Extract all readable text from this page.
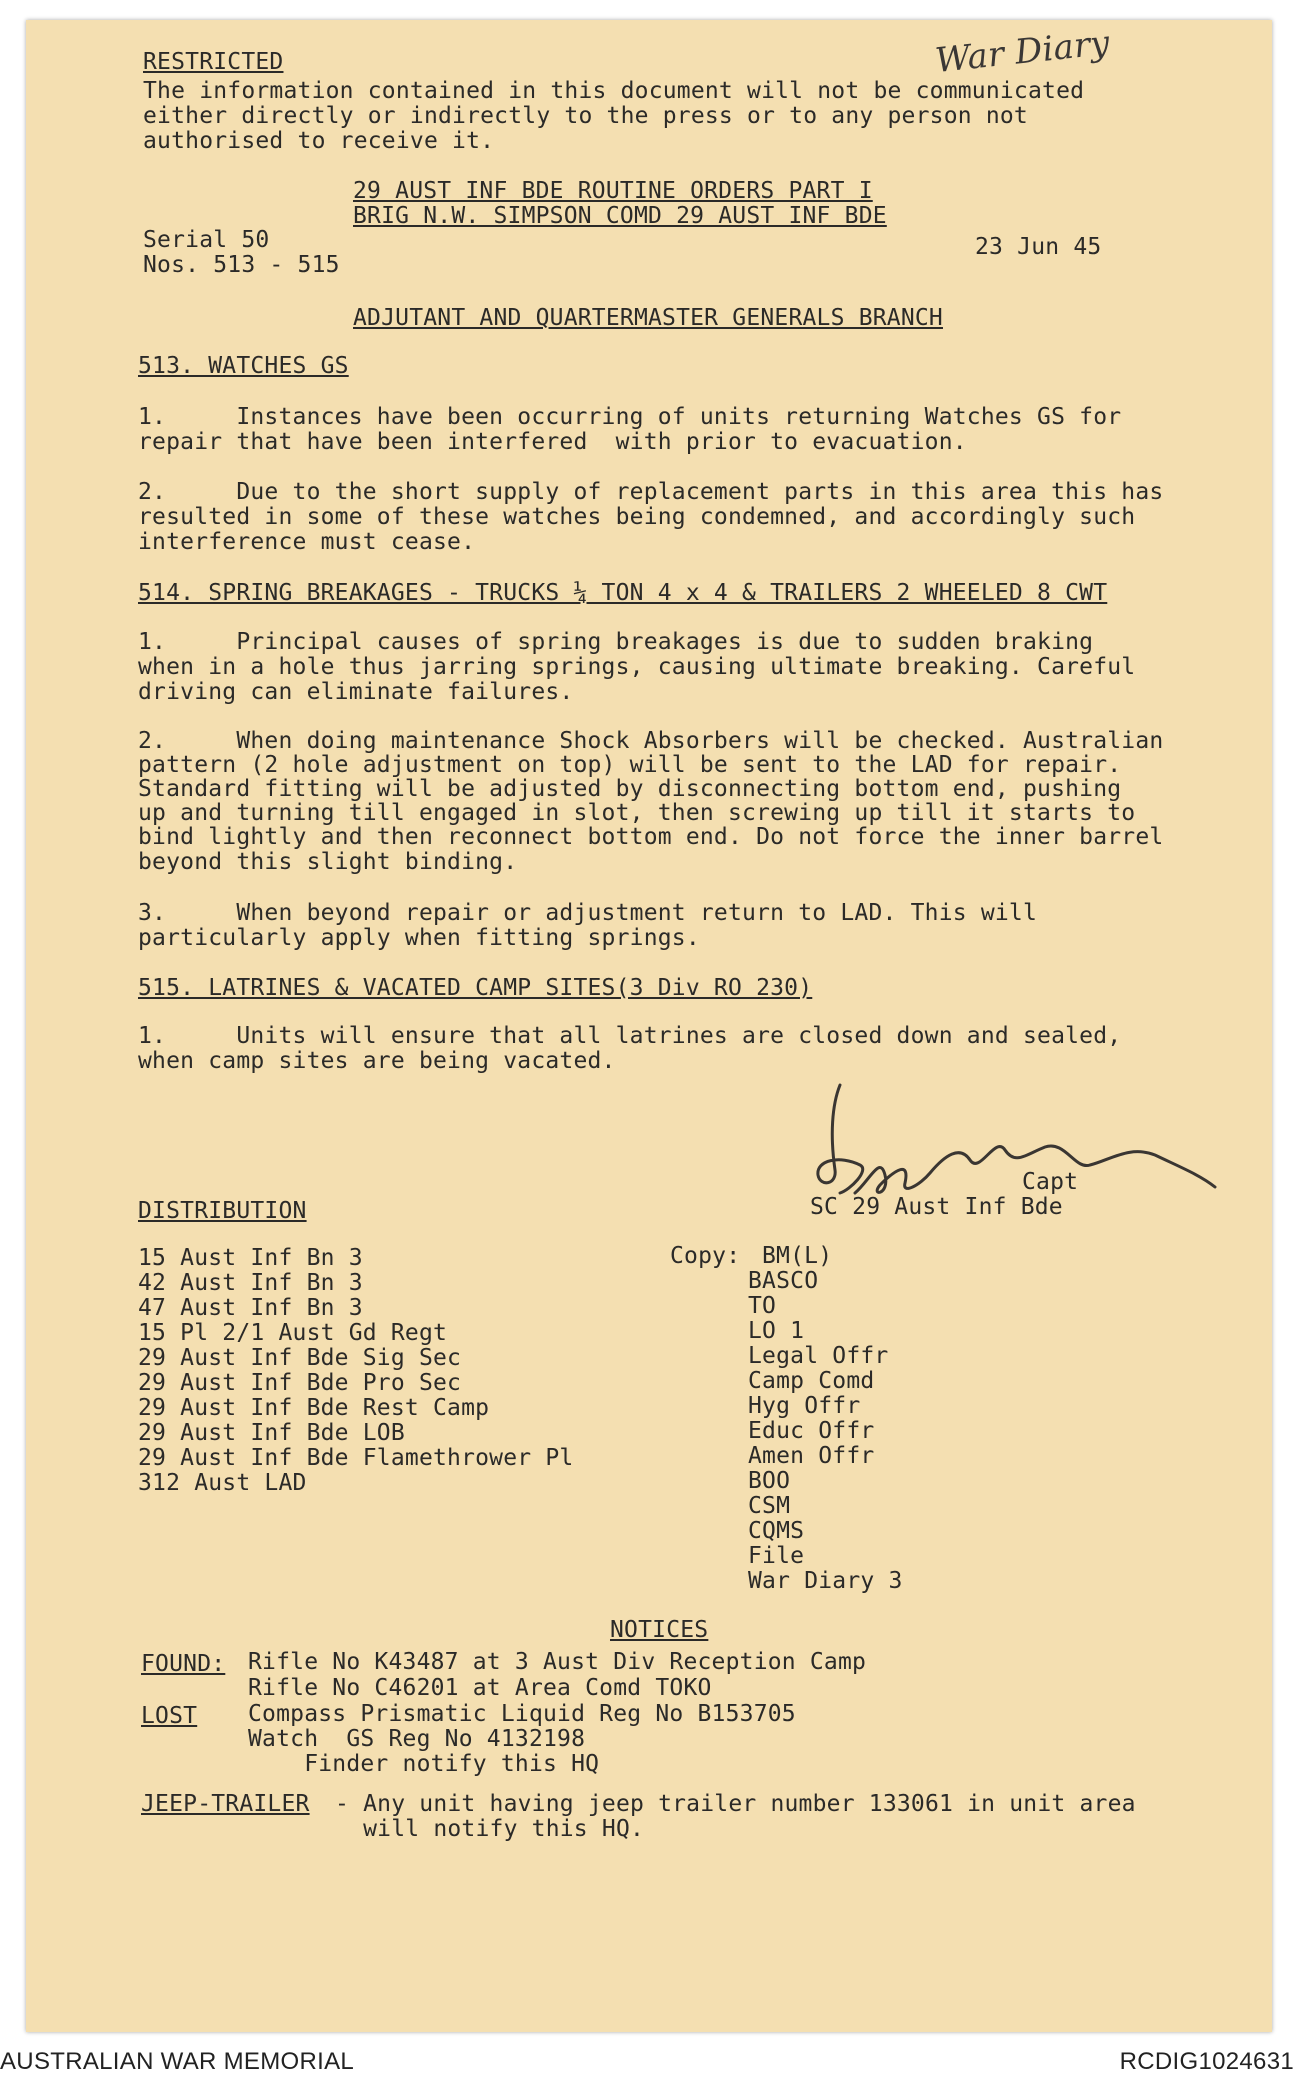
RESTRICTED
The information contained in this document will not be communicated
either directly or indirectly to the press or to any person not
authorised to receive it.
War Diary
29 AUST INF BDE ROUTINE ORDERS PART I
BRIG N.W. SIMPSON COMD 29 AUST INF BDE
Serial 50
Nos. 513 - 515
23 Jun 45
ADJUTANT AND QUARTERMASTER GENERALS BRANCH
513. WATCHES GS
1.     Instances have been occurring of units returning Watches GS for
repair that have been interfered  with prior to evacuation.
2.     Due to the short supply of replacement parts in this area this has
resulted in some of these watches being condemned, and accordingly such
interference must cease.
514. SPRING BREAKAGES - TRUCKS ¼ TON 4 x 4 & TRAILERS 2 WHEELED 8 CWT
1.     Principal causes of spring breakages is due to sudden braking
when in a hole thus jarring springs, causing ultimate breaking. Careful
driving can eliminate failures.
2.     When doing maintenance Shock Absorbers will be checked. Australian
pattern (2 hole adjustment on top) will be sent to the LAD for repair.
Standard fitting will be adjusted by disconnecting bottom end, pushing
up and turning till engaged in slot, then screwing up till it starts to
bind lightly and then reconnect bottom end. Do not force the inner barrel
beyond this slight binding.
3.     When beyond repair or adjustment return to LAD. This will
particularly apply when fitting springs.
515. LATRINES & VACATED CAMP SITES(3 Div RO 230)
1.     Units will ensure that all latrines are closed down and sealed,
when camp sites are being vacated.
Capt
SC 29 Aust Inf Bde
DISTRIBUTION
15 Aust Inf Bn 3
42 Aust Inf Bn 3
47 Aust Inf Bn 3
15 Pl 2/1 Aust Gd Regt
29 Aust Inf Bde Sig Sec
29 Aust Inf Bde Pro Sec
29 Aust Inf Bde Rest Camp
29 Aust Inf Bde LOB
29 Aust Inf Bde Flamethrower Pl
312 Aust LAD
Copy: BM(L)
BASCO
TO
LO 1
Legal Offr
Camp Comd
Hyg Offr
Educ Offr
Amen Offr
BOO
CSM
CQMS
File
War Diary 3
NOTICES
FOUND: Rifle No K43487 at 3 Aust Div Reception Camp
Rifle No C46201 at Area Comd TOKO
LOST Compass Prismatic Liquid Reg No B153705
Watch  GS Reg No 4132198
Finder notify this HQ
JEEP-TRAILER - Any unit having jeep trailer number 133061 in unit area
will notify this HQ.
AUSTRALIAN WAR MEMORIAL	RCDIG1024631
